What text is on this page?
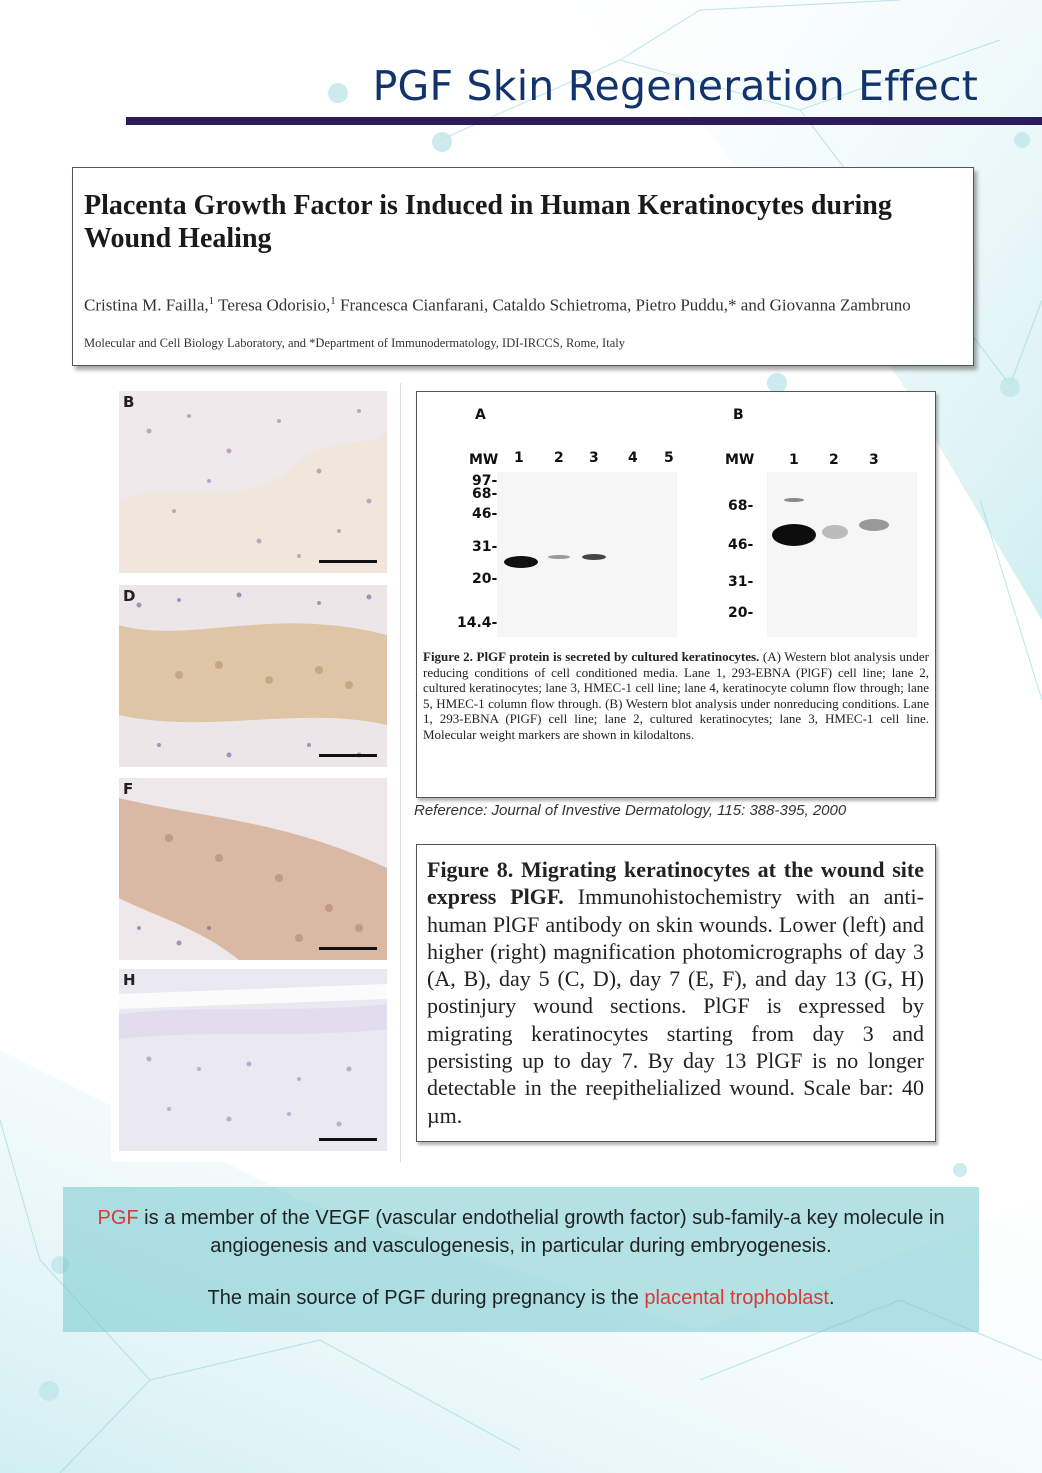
PGF Skin Regeneration Effect
Placenta Growth Factor is Induced in Human Keratinocytes during Wound Healing
Cristina M. Failla,$^1$ Teresa Odorisio,$^1$ Francesca Cianfarani, Cataldo Schietroma, Pietro Puddu,* and Giovanna Zambruno
Molecular and Cell Biology Laboratory, and *Department of Immunodermatology, IDI-IRCCS, Rome, Italy
B
D
F
H
A	B
MW	MW
1 2 3 4 5	1 2 3
97-
68-
46-
31-
20-
14.4-
68-
46-
31-
20-
Figure 2. PlGF protein is secreted by cultured keratinocytes. (A) Western blot analysis under reducing conditions of cell conditioned media. Lane 1, 293-EBNA (PlGF) cell line; lane 2, cultured keratinocytes; lane 3, HMEC-1 cell line; lane 4, keratinocyte column flow through; lane 5, HMEC-1 column flow through. (B) Western blot analysis under nonreducing conditions. Lane 1, 293-EBNA (PlGF) cell line; lane 2, cultured keratinocytes; lane 3, HMEC-1 cell line. Molecular weight markers are shown in kilodaltons.
Reference: Journal of Investive Dermatology, 115: 388-395, 2000
Figure 8. Migrating keratinocytes at the wound site express PlGF. Immunohistochemistry with an anti-human PlGF antibody on skin wounds. Lower (left) and higher (right) magnification photomicrographs of day 3 (A, B), day 5 (C, D), day 7 (E, F), and day 13 (G, H) postinjury wound sections. PlGF is expressed by migrating keratinocytes starting from day 3 and persisting up to day 7. By day 13 PlGF is no longer detectable in the reepithelialized wound. Scale bar: 40 µm.
PGF is a member of the VEGF (vascular endothelial growth factor) sub-family-a key molecule in angiogenesis and vasculogenesis, in particular during embryogenesis.
The main source of PGF during pregnancy is the placental trophoblast.
